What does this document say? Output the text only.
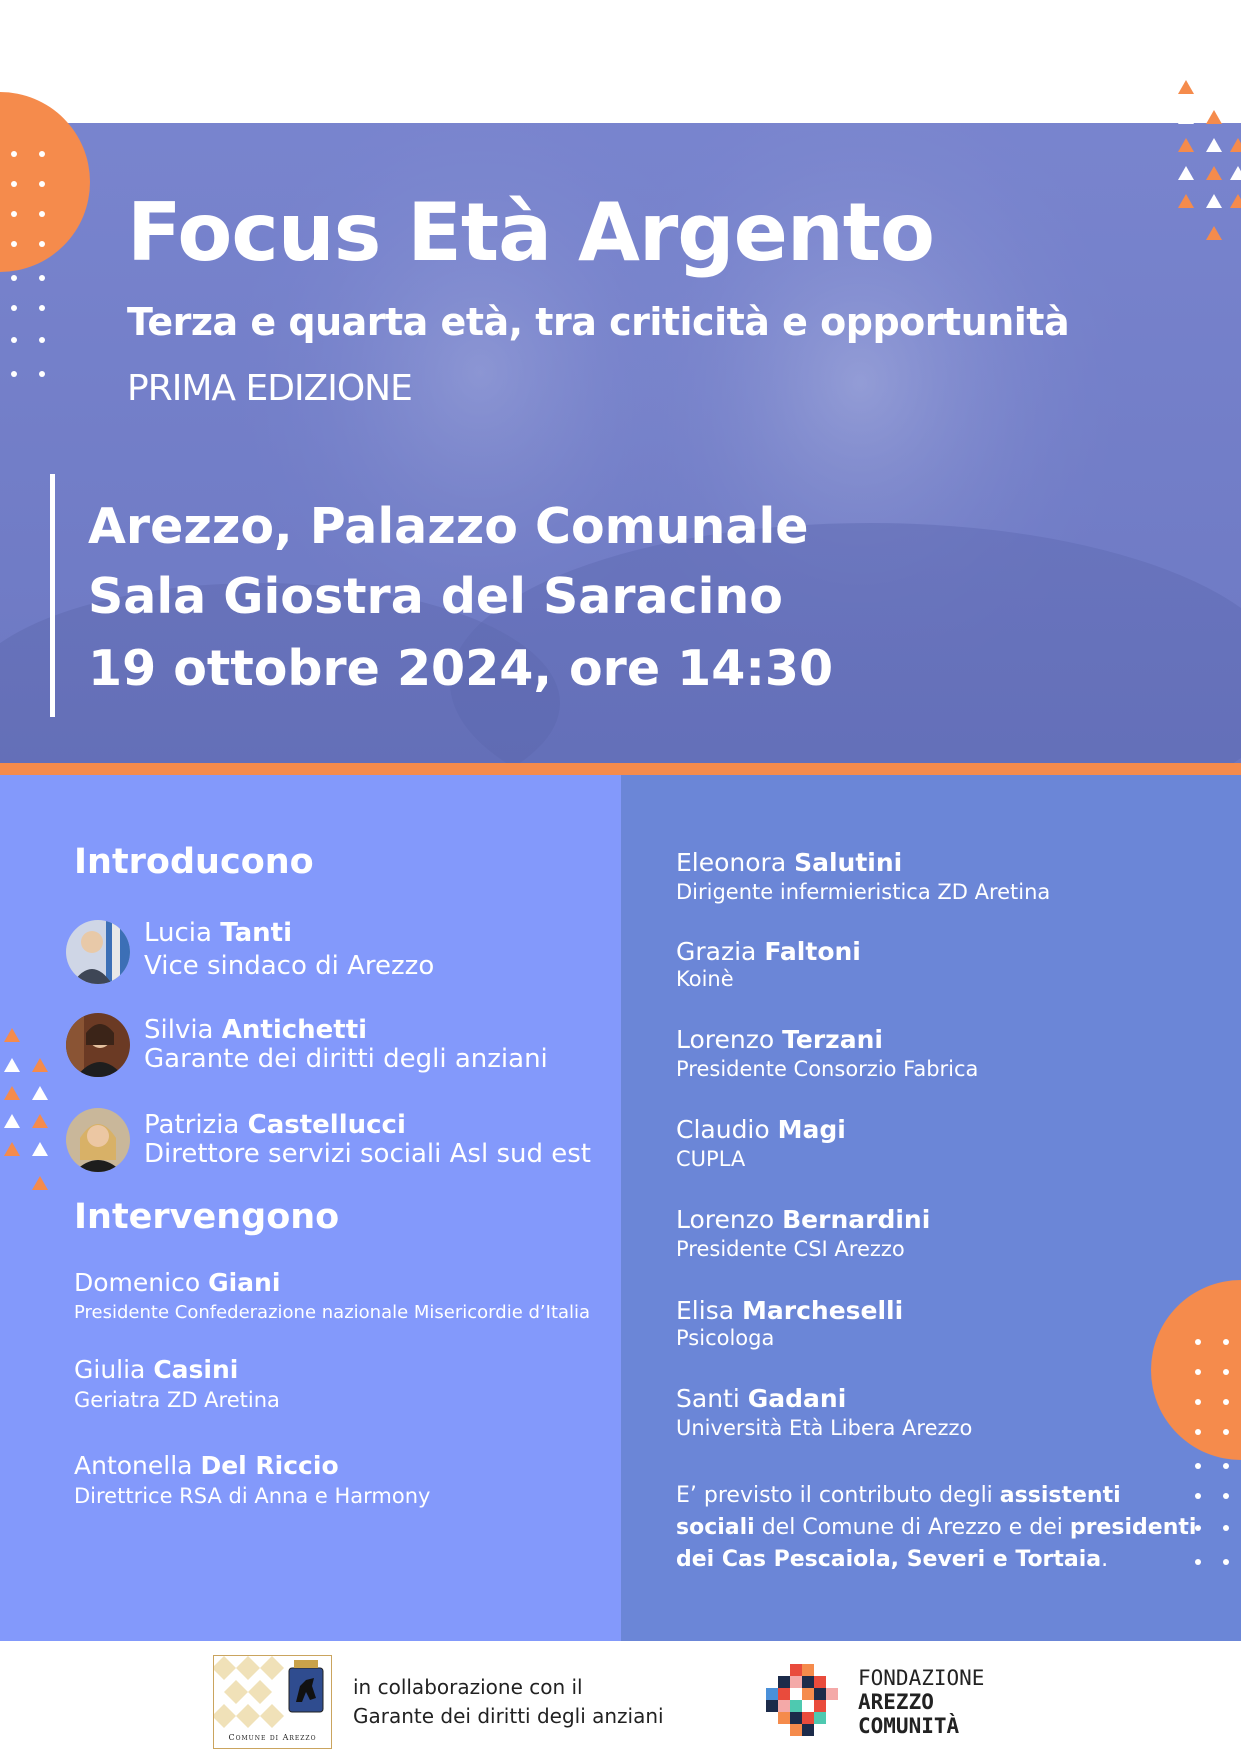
Focus Età Argento
Terza e quarta età, tra criticità e opportunità
PRIMA EDIZIONE
Arezzo, Palazzo Comunale
Sala Giostra del Saracino
19 ottobre 2024, ore 14:30
Introducono
Lucia Tanti
Vice sindaco di Arezzo
Silvia Antichetti
Garante dei diritti degli anziani
Patrizia Castellucci
Direttore servizi sociali Asl sud est
Intervengono
Domenico Giani
Presidente Confederazione nazionale Misericordie d’Italia
Giulia Casini
Geriatra ZD Aretina
Antonella Del Riccio
Direttrice RSA di Anna e Harmony
Eleonora Salutini
Dirigente infermieristica ZD Aretina
Grazia Faltoni
Koinè
Lorenzo Terzani
Presidente Consorzio Fabrica
Claudio Magi
CUPLA
Lorenzo Bernardini
Presidente CSI Arezzo
Elisa Marcheselli
Psicologa
Santi Gadani
Università Età Libera Arezzo
E’ previsto il contributo degli assistenti sociali del Comune di Arezzo e dei presidenti dei Cas Pescaiola, Severi e Tortaia.
Comune di Arezzo
in collaborazione con il
Garante dei diritti degli anziani
FONDAZIONE
AREZZO
COMUNITÀ
